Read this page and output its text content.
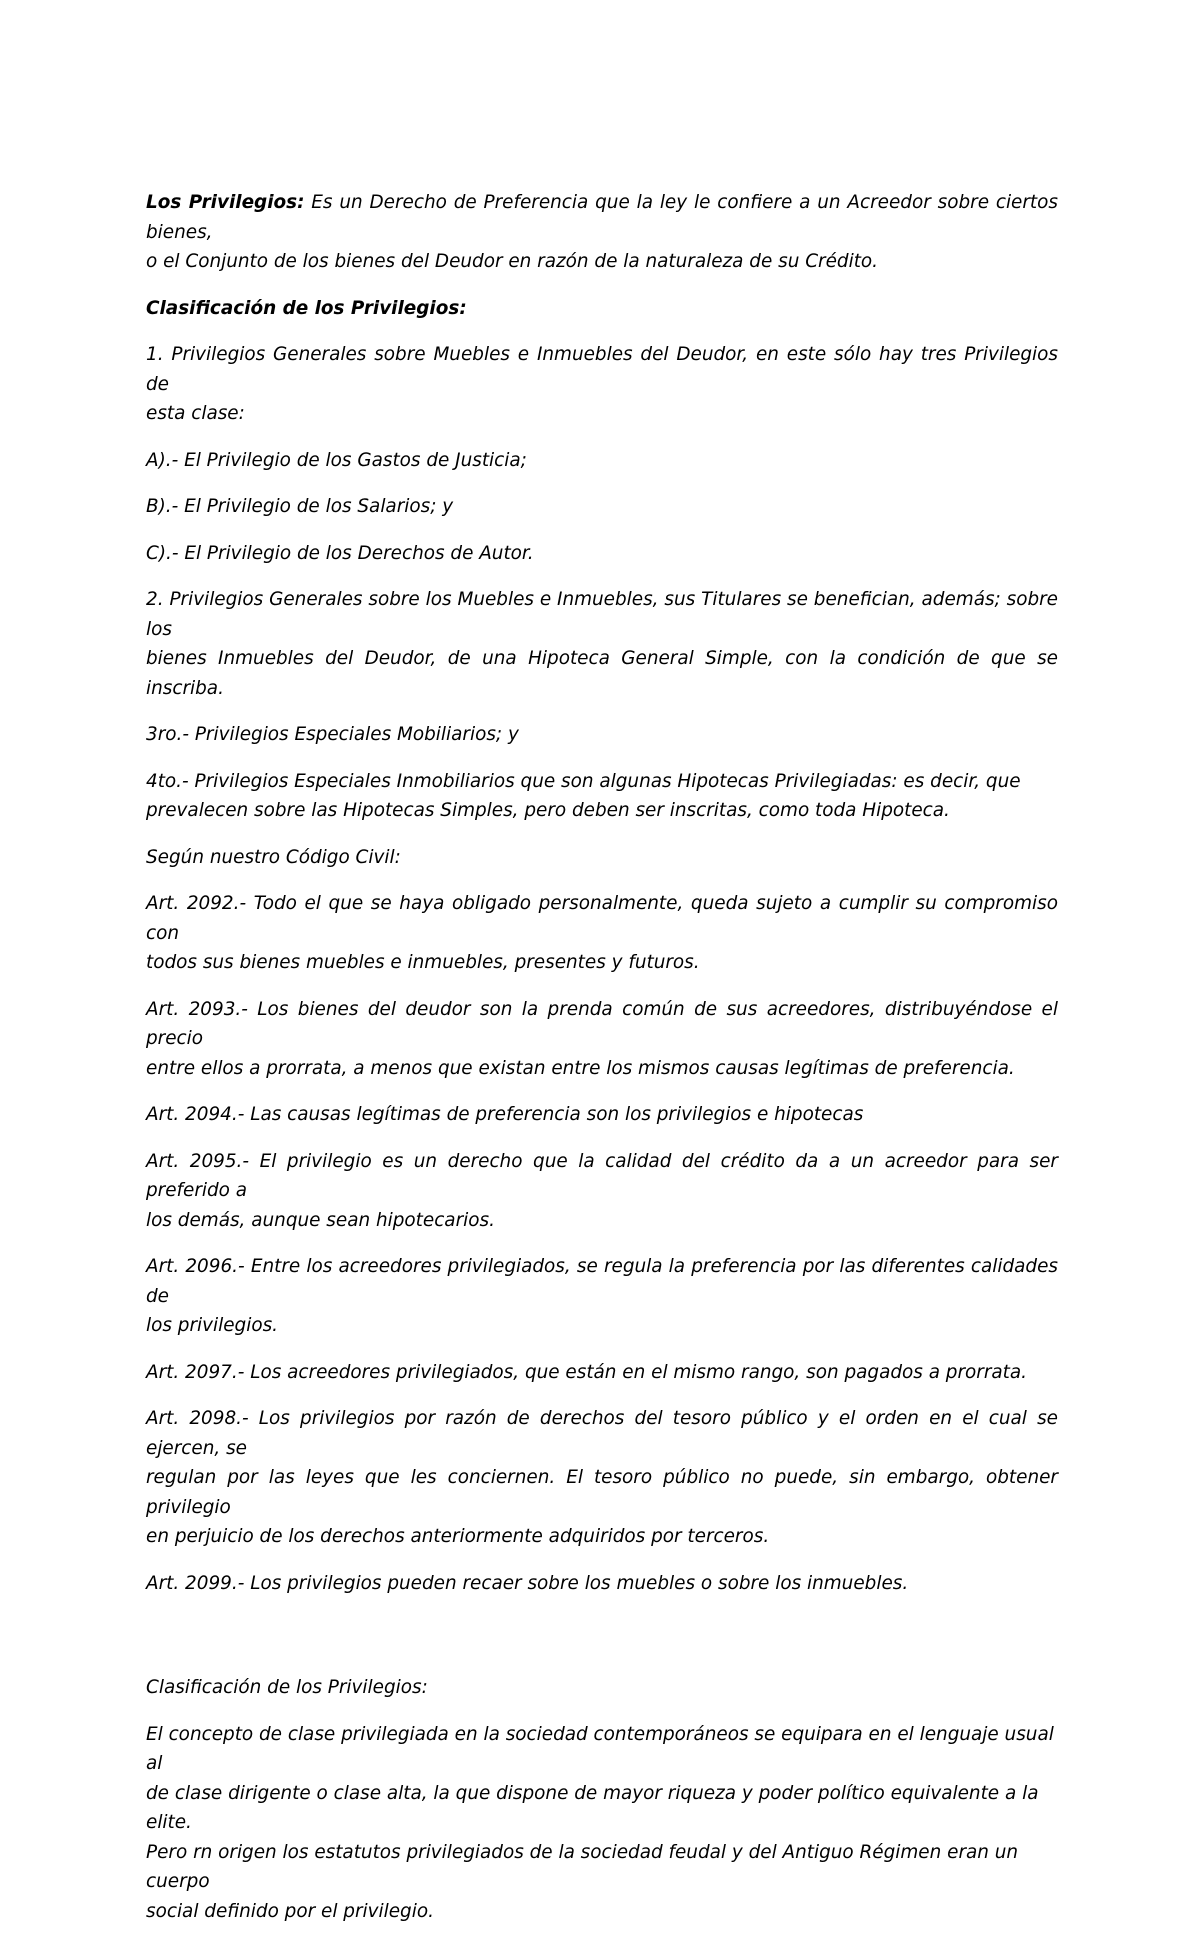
Los Privilegios: Es un Derecho de Preferencia que la ley le confiere a un Acreedor sobre ciertos bienes,
o el Conjunto de los bienes del Deudor en razón de la naturaleza de su Crédito.

Clasificación de los Privilegios:

1. Privilegios Generales sobre Muebles e Inmuebles del Deudor, en este sólo hay tres Privilegios de
esta clase:

A).- El Privilegio de los Gastos de Justicia;

B).- El Privilegio de los Salarios; y

C).- El Privilegio de los Derechos de Autor.

2. Privilegios Generales sobre los Muebles e Inmuebles, sus Titulares se benefician, además; sobre los
bienes Inmuebles del Deudor, de una Hipoteca General Simple, con la condición de que se inscriba.

3ro.- Privilegios Especiales Mobiliarios; y

4to.- Privilegios Especiales Inmobiliarios que son algunas Hipotecas Privilegiadas: es decir, que
prevalecen sobre las Hipotecas Simples, pero deben ser inscritas, como toda Hipoteca.

Según nuestro Código Civil:

Art. 2092.- Todo el que se haya obligado personalmente, queda sujeto a cumplir su compromiso con
todos sus bienes muebles e inmuebles, presentes y futuros.

Art. 2093.- Los bienes del deudor son la prenda común de sus acreedores, distribuyéndose el precio
entre ellos a prorrata, a menos que existan entre los mismos causas legítimas de preferencia.

Art. 2094.- Las causas legítimas de preferencia son los privilegios e hipotecas

Art. 2095.- El privilegio es un derecho que la calidad del crédito da a un acreedor para ser preferido a
los demás, aunque sean hipotecarios.

Art. 2096.- Entre los acreedores privilegiados, se regula la preferencia por las diferentes calidades de
los privilegios.

Art. 2097.- Los acreedores privilegiados, que están en el mismo rango, son pagados a prorrata.

Art. 2098.- Los privilegios por razón de derechos del tesoro público y el orden en el cual se ejercen, se
regulan por las leyes que les conciernen. El tesoro público no puede, sin embargo, obtener privilegio
en perjuicio de los derechos anteriormente adquiridos por terceros.

Art. 2099.- Los privilegios pueden recaer sobre los muebles o sobre los inmuebles.

Clasificación de los Privilegios:

El concepto de clase privilegiada en la sociedad contemporáneos se equipara en el lenguaje usual al
de clase dirigente o clase alta, la que dispone de mayor riqueza y poder político equivalente a la elite.
Pero rn origen los estatutos privilegiados de la sociedad feudal y del Antiguo Régimen eran un cuerpo
social definido por el privilegio.
